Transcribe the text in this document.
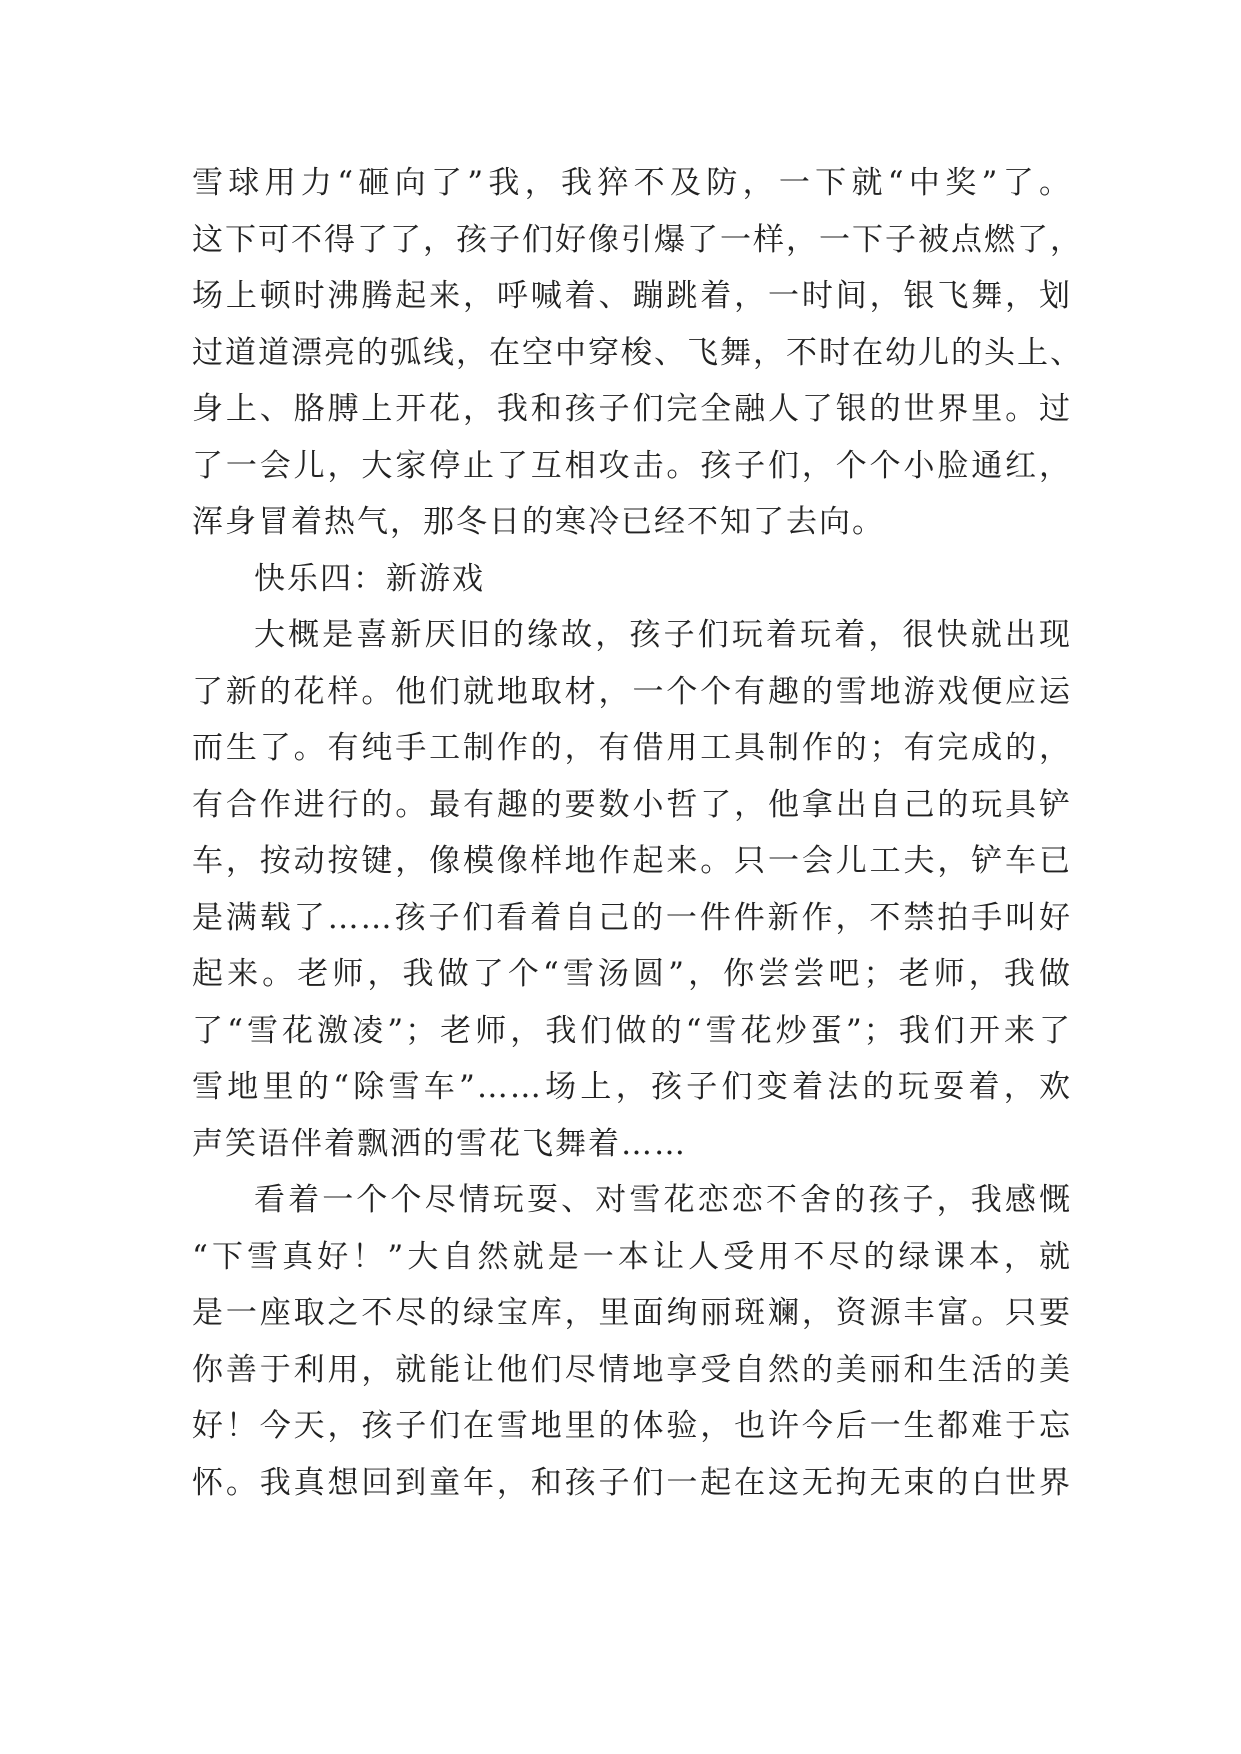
雪球用力“砸向了”我，我猝不及防，一下就“中奖”了。
这下可不得了了，孩子们好像引爆了一样，一下子被点燃了，
场上顿时沸腾起来，呼喊着、蹦跳着，一时间，银飞舞，划
过道道漂亮的弧线，在空中穿梭、飞舞，不时在幼儿的头上、
身上、胳膊上开花，我和孩子们完全融人了银的世界里。过
了一会儿，大家停止了互相攻击。孩子们，个个小脸通红，
浑身冒着热气，那冬日的寒冷已经不知了去向。
快乐四：新游戏
大概是喜新厌旧的缘故，孩子们玩着玩着，很快就出现
了新的花样。他们就地取材，一个个有趣的雪地游戏便应运
而生了。有纯手工制作的，有借用工具制作的；有完成的，
有合作进行的。最有趣的要数小哲了，他拿出自己的玩具铲
车，按动按键，像模像样地作起来。只一会儿工夫，铲车已
是满载了……孩子们看着自己的一件件新作，不禁拍手叫好
起来。老师，我做了个“雪汤圆”，你尝尝吧；老师，我做
了“雪花激凌”；老师，我们做的“雪花炒蛋”；我们开来了
雪地里的“除雪车”……场上，孩子们变着法的玩耍着，欢
声笑语伴着飘洒的雪花飞舞着……
看着一个个尽情玩耍、对雪花恋恋不舍的孩子，我感慨
“下雪真好！”大自然就是一本让人受用不尽的绿课本，就
是一座取之不尽的绿宝库，里面绚丽斑斓，资源丰富。只要
你善于利用，就能让他们尽情地享受自然的美丽和生活的美
好！今天，孩子们在雪地里的体验，也许今后一生都难于忘
怀。我真想回到童年，和孩子们一起在这无拘无束的白世界
